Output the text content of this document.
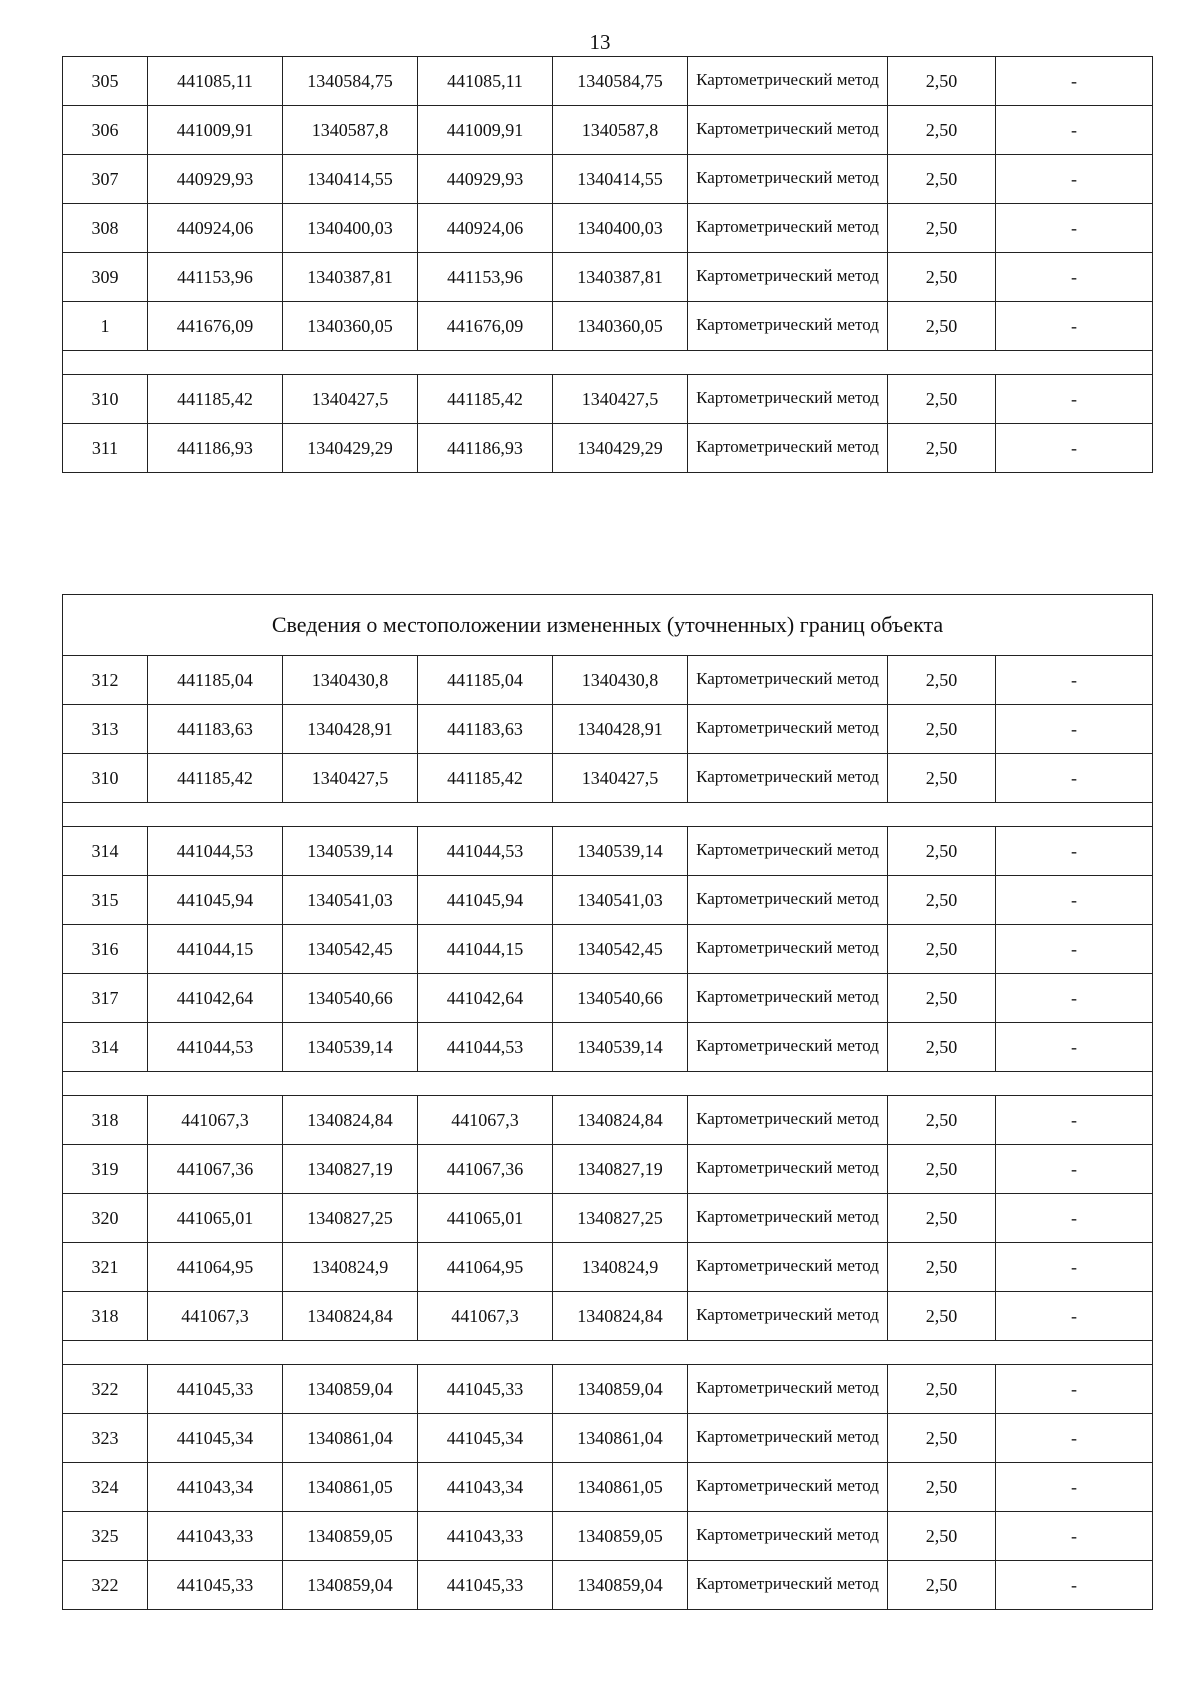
13
305	441085,11	1340584,75	441085,11	1340584,75	Картометрический метод	2,50	-
306	441009,91	1340587,8	441009,91	1340587,8	Картометрический метод	2,50	-
307	440929,93	1340414,55	440929,93	1340414,55	Картометрический метод	2,50	-
308	440924,06	1340400,03	440924,06	1340400,03	Картометрический метод	2,50	-
309	441153,96	1340387,81	441153,96	1340387,81	Картометрический метод	2,50	-
1	441676,09	1340360,05	441676,09	1340360,05	Картометрический метод	2,50	-

310	441185,42	1340427,5	441185,42	1340427,5	Картометрический метод	2,50	-
311	441186,93	1340429,29	441186,93	1340429,29	Картометрический метод	2,50	-
Сведения о местоположении измененных (уточненных) границ объекта							
312	441185,04	1340430,8	441185,04	1340430,8	Картометрический метод	2,50	-
313	441183,63	1340428,91	441183,63	1340428,91	Картометрический метод	2,50	-
310	441185,42	1340427,5	441185,42	1340427,5	Картометрический метод	2,50	-

314	441044,53	1340539,14	441044,53	1340539,14	Картометрический метод	2,50	-
315	441045,94	1340541,03	441045,94	1340541,03	Картометрический метод	2,50	-
316	441044,15	1340542,45	441044,15	1340542,45	Картометрический метод	2,50	-
317	441042,64	1340540,66	441042,64	1340540,66	Картометрический метод	2,50	-
314	441044,53	1340539,14	441044,53	1340539,14	Картометрический метод	2,50	-

318	441067,3	1340824,84	441067,3	1340824,84	Картометрический метод	2,50	-
319	441067,36	1340827,19	441067,36	1340827,19	Картометрический метод	2,50	-
320	441065,01	1340827,25	441065,01	1340827,25	Картометрический метод	2,50	-
321	441064,95	1340824,9	441064,95	1340824,9	Картометрический метод	2,50	-
318	441067,3	1340824,84	441067,3	1340824,84	Картометрический метод	2,50	-

322	441045,33	1340859,04	441045,33	1340859,04	Картометрический метод	2,50	-
323	441045,34	1340861,04	441045,34	1340861,04	Картометрический метод	2,50	-
324	441043,34	1340861,05	441043,34	1340861,05	Картометрический метод	2,50	-
325	441043,33	1340859,05	441043,33	1340859,05	Картометрический метод	2,50	-
322	441045,33	1340859,04	441045,33	1340859,04	Картометрический метод	2,50	-
